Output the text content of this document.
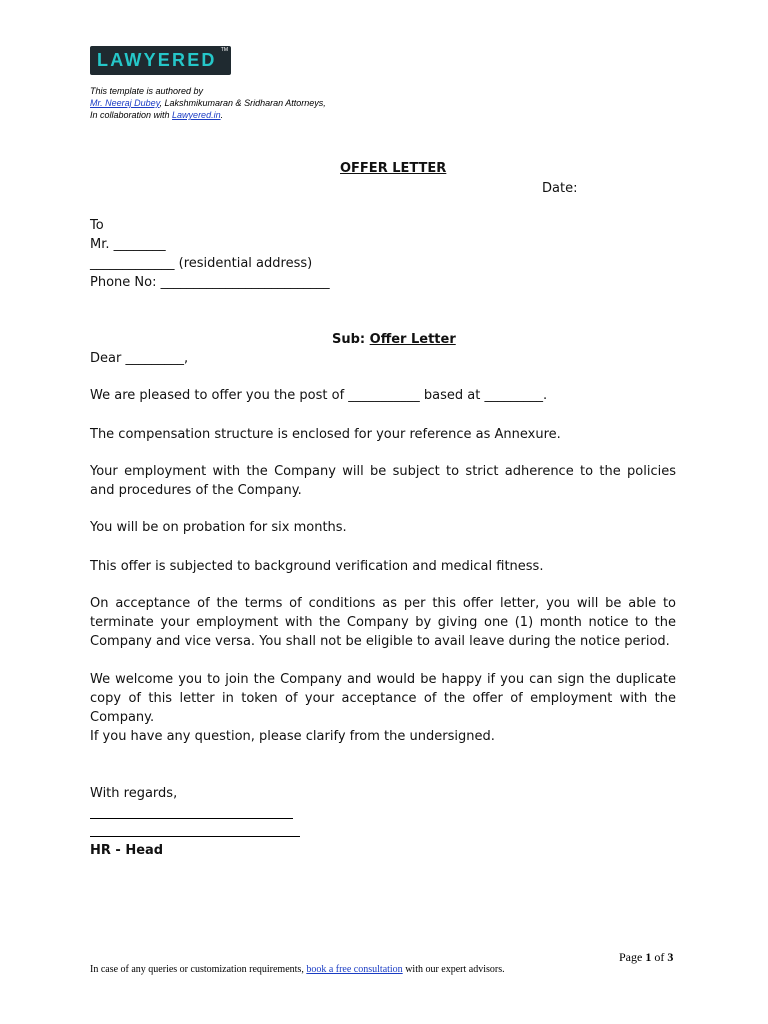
LAWYERED TM
This template is authored by
Mr. Neeraj Dubey, Lakshmikumaran & Sridharan Attorneys,
In collaboration with Lawyered.in.
OFFER LETTER
Date:
To
Mr. ________
_____________ (residential address)
Phone No: __________________________
Sub: Offer Letter
Dear _________,
We are pleased to offer you the post of ___________ based at _________.
The compensation structure is enclosed for your reference as Annexure.
Your employment with the Company will be subject to strict adherence to the policies and procedures of the Company.
You will be on probation for six months.
This offer is subjected to background verification and medical fitness.
On acceptance of the terms of conditions as per this offer letter, you will be able to terminate your employment with the Company by giving one (1) month notice to the Company and vice versa. You shall not be eligible to avail leave during the notice period.
We welcome you to join the Company and would be happy if you can sign the duplicate copy of this letter in token of your acceptance of the offer of employment with the Company.
If you have any question, please clarify from the undersigned.
With regards,
HR - Head
Page 1 of 3
In case of any queries or customization requirements, book a free consultation with our expert advisors.
